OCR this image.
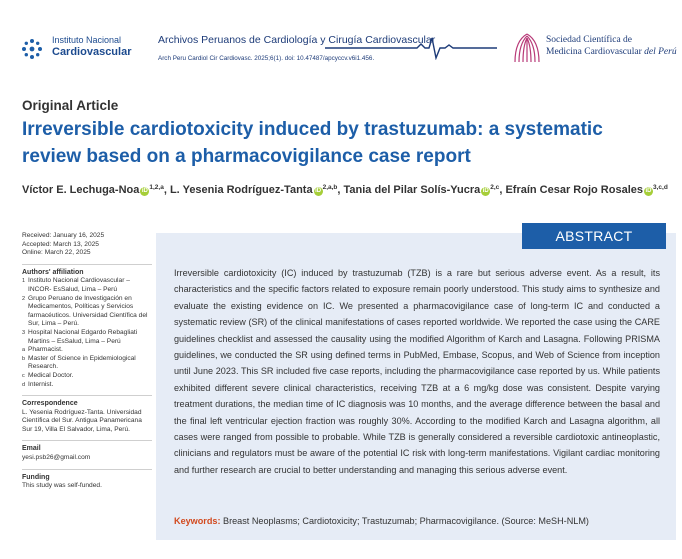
Instituto Nacional
Cardiovascular
Archivos Peruanos de Cardiología y Cirugía Cardiovascular
Arch Peru Cardiol Cir Cardiovasc. 2025;6(1). doi: 10.47487/apcyccv.v6i1.456.
Sociedad Científica de
Medicina Cardiovascular del Perú
Original Article
Irreversible cardiotoxicity induced by trastuzumab: a systematic review based on a pharmacovigilance case report
Víctor E. Lechuga-Noa iD $^{1,2,a}$, L. Yesenia Rodríguez-Tanta iD $^{2,a,b}$, Tania del Pilar Solís-Yucra iD $^{2,c}$, Efraín Cesar Rojo Rosales iD $^{3,c,d}$
Received: January 16, 2025
Accepted: March 13, 2025
Online: March 22, 2025
Authors' affiliation
1 Instituto Nacional Cardiovascular – INCOR- EsSalud, Lima – Perú
2 Grupo Peruano de Investigación en Medicamentos, Políticas y Servicios farmacéuticos. Universidad Científica del Sur, Lima – Perú.
3 Hospital Nacional Edgardo Rebagliati Martins – EsSalud, Lima – Perú
a Pharmacist.
b Master of Science in Epidemiological Research.
c Medical Doctor.
d Internist.
Correspondence
L. Yesenia Rodríguez-Tanta. Universidad Científica del Sur. Antigua Panamericana Sur 19, Villa El Salvador, Lima, Perú.
Email
yesi.psb26@gmail.com
Funding
This study was self-funded.
ABSTRACT
Irreversible cardiotoxicity (IC) induced by trastuzumab (TZB) is a rare but serious adverse event. As a result, its characteristics and the specific factors related to exposure remain poorly understood. This study aims to synthesize and evaluate the existing evidence on IC. We presented a pharmacovigilance case of long-term IC and conducted a systematic review (SR) of the clinical manifestations of cases reported worldwide. We reported the case using the CARE guidelines checklist and assessed the causality using the modified Algorithm of Karch and Lasagna. Following PRISMA guidelines, we conducted the SR using defined terms in PubMed, Embase, Scopus, and Web of Science from inception until June 2023. This SR included five case reports, including the pharmacovigilance case reported by us. While patients exhibited different severe clinical characteristics, receiving TZB at a 6 mg/kg dose was consistent. Despite varying treatment durations, the median time of IC diagnosis was 10 months, and the average difference between the basal and the final left ventricular ejection fraction was roughly 30%. According to the modified Karch and Lasagna algorithm, all cases were ranged from possible to probable. While TZB is generally considered a reversible cardiotoxic antineoplastic, clinicians and regulators must be aware of the potential IC risk with long-term manifestations. Vigilant cardiac monitoring and further research are crucial to better understanding and managing this serious adverse event.
Keywords: Breast Neoplasms; Cardiotoxicity; Trastuzumab; Pharmacovigilance. (Source: MeSH-NLM)
